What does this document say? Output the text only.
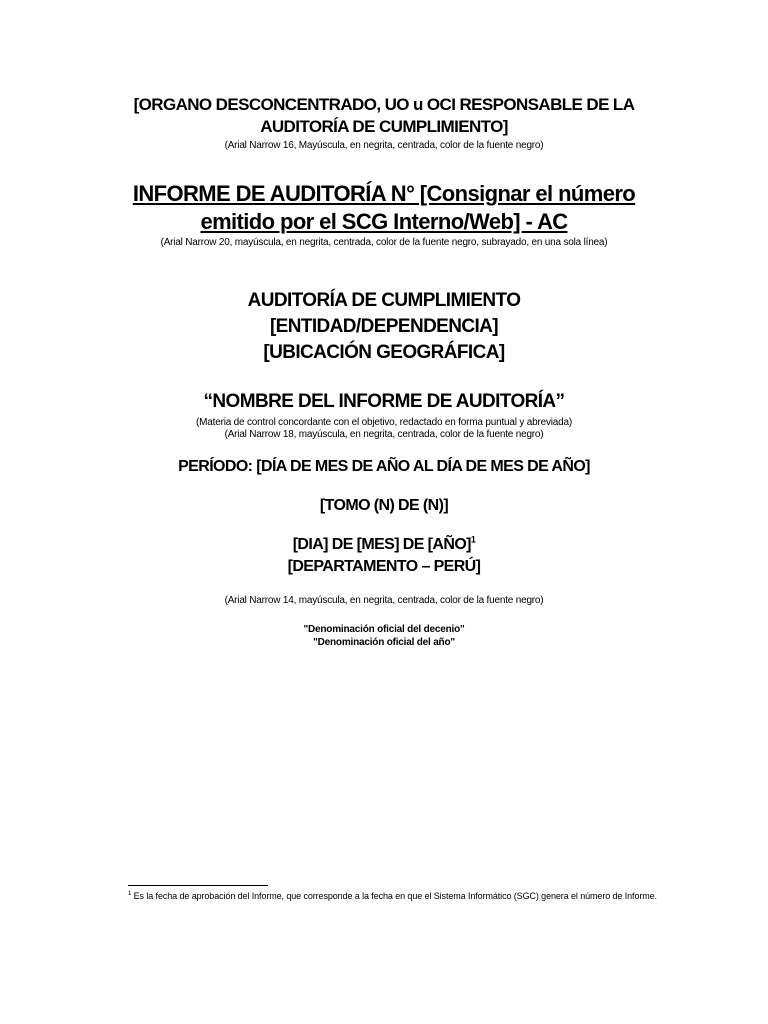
[ORGANO DESCONCENTRADO, UO u OCI RESPONSABLE DE LA
AUDITORÍA DE CUMPLIMIENTO]
(Arial Narrow 16, Mayúscula, en negrita, centrada, color de la fuente negro)
INFORME DE AUDITORÍA N° [Consignar el número
emitido por el SCG Interno/Web] - AC
(Arial Narrow 20, mayúscula, en negrita, centrada, color de la fuente negro, subrayado, en una sola línea)
AUDITORÍA DE CUMPLIMIENTO
[ENTIDAD/DEPENDENCIA]
[UBICACIÓN GEOGRÁFICA]
“NOMBRE DEL INFORME DE AUDITORÍA”
(Materia de control concordante con el objetivo, redactado en forma puntual y abreviada)
(Arial Narrow 18, mayúscula, en negrita, centrada, color de la fuente negro)
PERÍODO: [DÍA DE MES DE AÑO AL DÍA DE MES DE AÑO]
[TOMO (N) DE (N)]
[DIA] DE [MES] DE [AÑO]$^1$
[DEPARTAMENTO – PERÚ]
(Arial Narrow 14, mayúscula, en negrita, centrada, color de la fuente negro)
"Denominación oficial del decenio"
"Denominación oficial del año"
$^1$ Es la fecha de aprobación del Informe, que corresponde a la fecha en que el Sistema Informático (SGC) genera el número de Informe.
